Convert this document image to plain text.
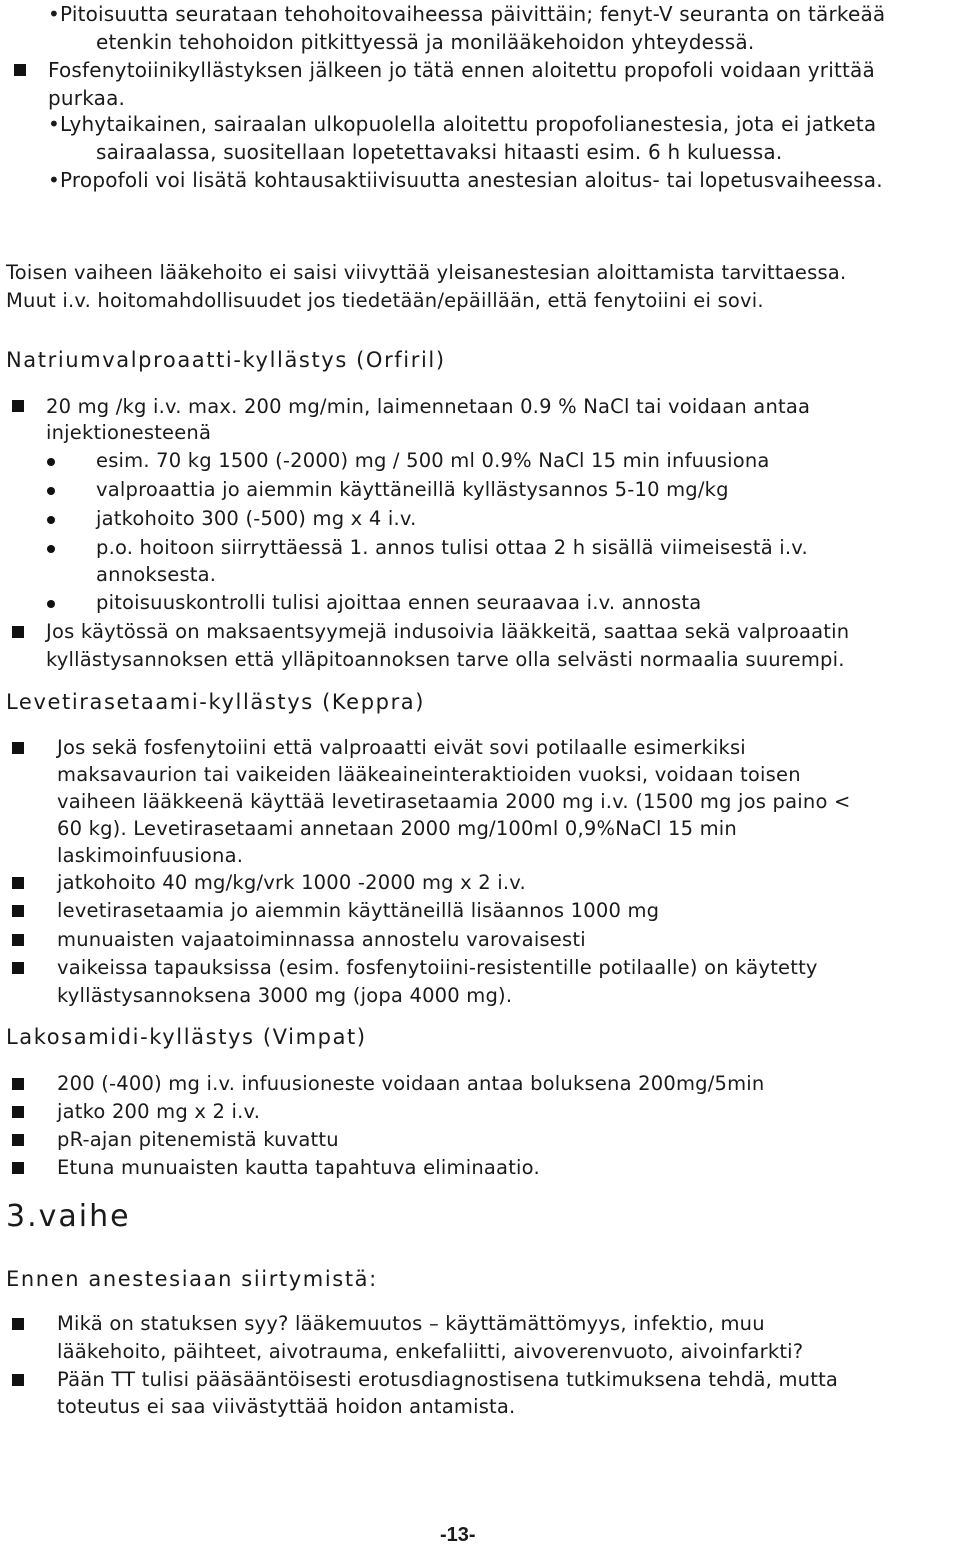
•Pitoisuutta seurataan tehohoitovaiheessa päivittäin; fenyt-V seuranta on tärkeää
etenkin tehohoidon pitkittyessä ja monilääkehoidon yhteydessä.
Fosfenytoiinikyllästyksen jälkeen jo tätä ennen aloitettu propofoli voidaan yrittää
purkaa.
•Lyhytaikainen, sairaalan ulkopuolella aloitettu propofolianestesia, jota ei jatketa
sairaalassa, suositellaan lopetettavaksi hitaasti esim. 6 h kuluessa.
•Propofoli voi lisätä kohtausaktiivisuutta anestesian aloitus- tai lopetusvaiheessa.
Toisen vaiheen lääkehoito ei saisi viivyttää yleisanestesian aloittamista tarvittaessa.
Muut i.v. hoitomahdollisuudet jos tiedetään/epäillään, että fenytoiini ei sovi.
Natriumvalproaatti-kyllästys (Orfiril)
20 mg /kg i.v. max. 200 mg/min, laimennetaan 0.9 % NaCl tai voidaan antaa
injektionesteenä
esim. 70 kg 1500 (-2000) mg / 500 ml 0.9% NaCl 15 min infuusiona
valproaattia jo aiemmin käyttäneillä kyllästysannos 5-10 mg/kg
jatkohoito 300 (-500) mg x 4 i.v.
p.o. hoitoon siirryttäessä 1. annos tulisi ottaa 2 h sisällä viimeisestä i.v.
annoksesta.
pitoisuuskontrolli tulisi ajoittaa ennen seuraavaa i.v. annosta
Jos käytössä on maksaentsyymejä indusoivia lääkkeitä, saattaa sekä valproaatin
kyllästysannoksen että ylläpitoannoksen tarve olla selvästi normaalia suurempi.
Levetirasetaami-kyllästys (Keppra)
Jos sekä fosfenytoiini että valproaatti eivät sovi potilaalle esimerkiksi
maksavaurion tai vaikeiden lääkeaineinteraktioiden vuoksi, voidaan toisen
vaiheen lääkkeenä käyttää levetirasetaamia 2000 mg i.v. (1500 mg jos paino <
60 kg). Levetirasetaami annetaan 2000 mg/100ml 0,9%NaCl 15 min
laskimoinfuusiona.
jatkohoito 40 mg/kg/vrk 1000 -2000 mg x 2 i.v.
levetirasetaamia jo aiemmin käyttäneillä lisäannos 1000 mg
munuaisten vajaatoiminnassa annostelu varovaisesti
vaikeissa tapauksissa (esim. fosfenytoiini-resistentille potilaalle) on käytetty
kyllästysannoksena 3000 mg (jopa 4000 mg).
Lakosamidi-kyllästys (Vimpat)
200 (-400) mg i.v. infuusioneste voidaan antaa boluksena 200mg/5min
jatko 200 mg x 2 i.v.
pR-ajan pitenemistä kuvattu
Etuna munuaisten kautta tapahtuva eliminaatio.
3.vaihe
Ennen anestesiaan siirtymistä:
Mikä on statuksen syy? lääkemuutos – käyttämättömyys, infektio, muu
lääkehoito, päihteet, aivotrauma, enkefaliitti, aivoverenvuoto, aivoinfarkti?
Pään TT tulisi pääsääntöisesti erotusdiagnostisena tutkimuksena tehdä, mutta
toteutus ei saa viivästyttää hoidon antamista.
-13-
